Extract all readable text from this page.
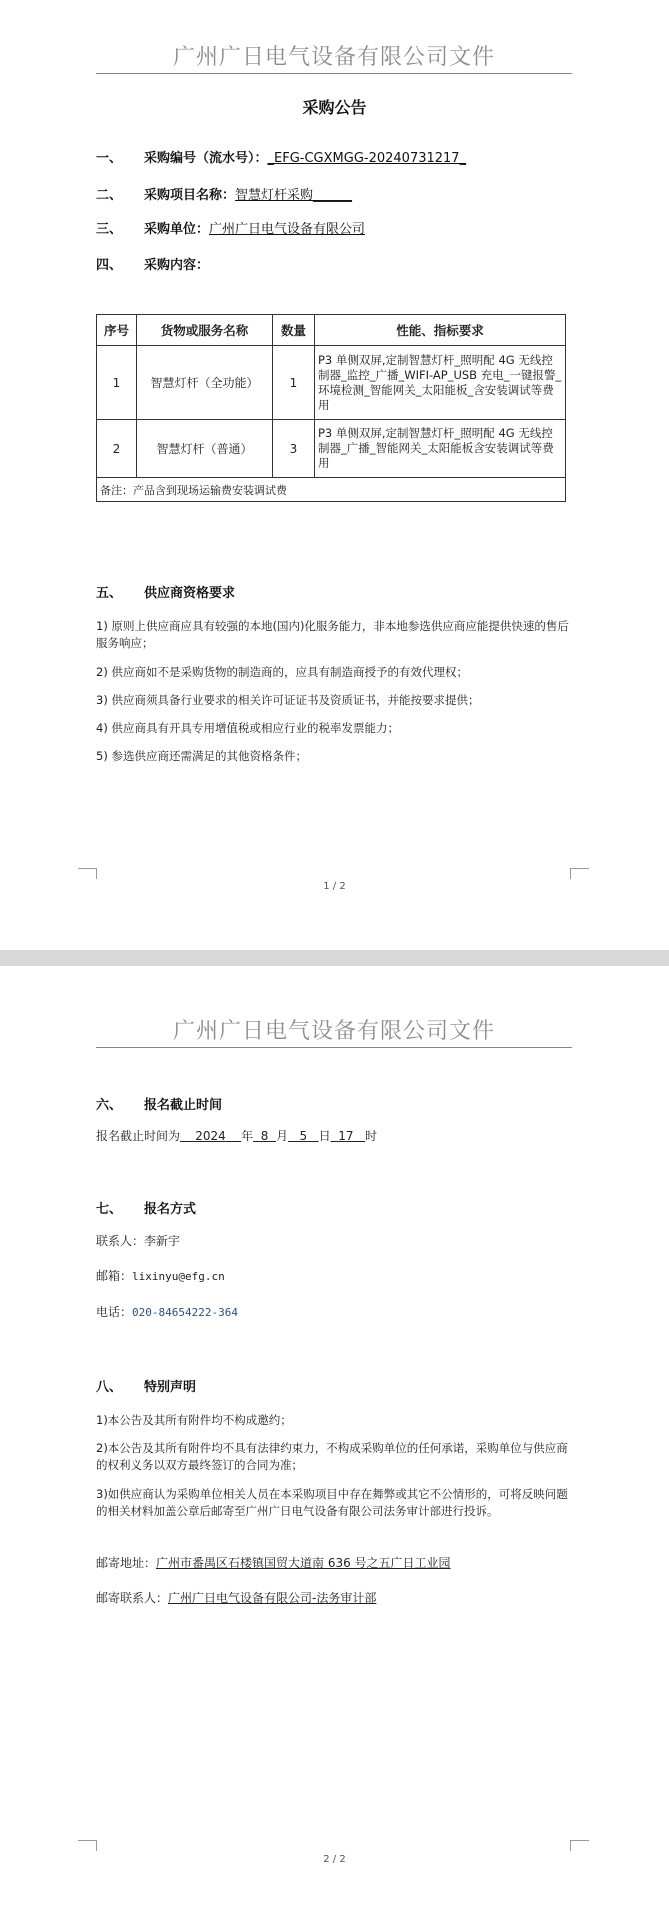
广州广日电气设备有限公司文件
采购公告
一、 采购编号（流水号）：_EFG-CGXMGG-20240731217_
二、 采购项目名称：智慧灯杆采购______
三、 采购单位：广州广日电气设备有限公司
四、 采购内容：
序号	货物或服务名称	数量	性能、指标要求
1	智慧灯杆（全功能）	1	P3 单侧双屏,定制智慧灯杆_照明配 4G 无线控制器_监控_广播_WIFI-AP_USB 充电_一键报警_环境检测_智能网关_太阳能板_含安装调试等费用
2	智慧灯杆（普通）	3	P3 单侧双屏,定制智慧灯杆_照明配 4G 无线控制器_广播_智能网关_太阳能板含安装调试等费用
备注：产品含到现场运输费安装调试费			
五、 供应商资格要求
1) 原则上供应商应具有较强的本地(国内)化服务能力，非本地参选供应商应能提供快速的售后服务响应；
2) 供应商如不是采购货物的制造商的，应具有制造商授予的有效代理权；
3) 供应商须具备行业要求的相关许可证证书及资质证书，并能按要求提供；
4) 供应商具有开具专用增值税或相应行业的税率发票能力；
5) 参选供应商还需满足的其他资格条件；
1 / 2
广州广日电气设备有限公司文件
六、 报名截止时间
报名截止时间为 2024 年 8 月 5 日 17 时
七、 报名方式
联系人：李新宇
邮箱：lixinyu@efg.cn
电话：020-84654222-364
八、 特别声明
1)本公告及其所有附件均不构成邀约；
2)本公告及其所有附件均不具有法律约束力，不构成采购单位的任何承诺，采购单位与供应商的权利义务以双方最终签订的合同为准；
3)如供应商认为采购单位相关人员在本采购项目中存在舞弊或其它不公情形的，可将反映问题的相关材料加盖公章后邮寄至广州广日电气设备有限公司法务审计部进行投诉。
邮寄地址：广州市番禺区石楼镇国贸大道南 636 号之五广日工业园
邮寄联系人：广州广日电气设备有限公司-法务审计部
2 / 2
